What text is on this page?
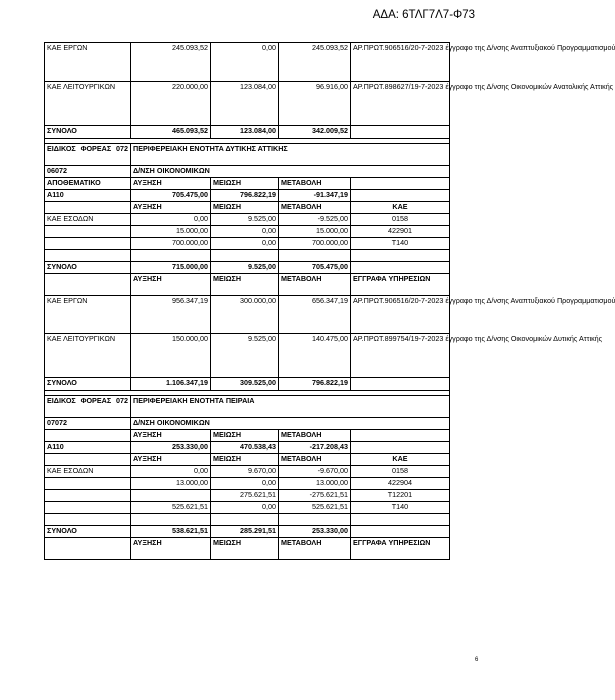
ΑΔΑ: 6ΤΛΓ7Λ7-Φ73
ΚΑΕ ΕΡΓΩΝ	245.093,52	0,00	245.093,52	ΑΡ.ΠΡΩΤ.906516/20-7-2023 έγγραφο της Δ/νσης Αναπτυξιακού Προγραμματισμού
ΚΑΕ ΛΕΙΤΟΥΡΓΙΚΩΝ	220.000,00	123.084,00	96.916,00	ΑΡ.ΠΡΩΤ.898627/19-7-2023 έγγραφο της Δ/νσης Οικονομικών Ανατολικής Αττικής
ΣΥΝΟΛΟ	465.093,52	123.084,00	342.009,52	

ΕΙΔΙΚΟΣ ΦΟΡΕΑΣ 072	ΠΕΡΙΦΕΡΕΙΑΚΗ ΕΝΟΤΗΤΑ ΔΥΤΙΚΗΣ ΑΤΤΙΚΗΣ			
06072	Δ/ΝΣΗ ΟΙΚΟΝΟΜΙΚΩΝ			
ΑΠΟΘΕΜΑΤΙΚΟ	ΑΥΞΗΣΗ	ΜΕΙΩΣΗ	ΜΕΤΑΒΟΛΗ	
Α110	705.475,00	796.822,19	-91.347,19	
	ΑΥΞΗΣΗ	ΜΕΙΩΣΗ	ΜΕΤΑΒΟΛΗ	ΚΑΕ
ΚΑΕ ΕΣΟΔΩΝ	0,00	9.525,00	-9.525,00	0158
	15.000,00	0,00	15.000,00	422901
	700.000,00	0,00	700.000,00	Τ140

ΣΥΝΟΛΟ	715.000,00	9.525,00	705.475,00	
	ΑΥΞΗΣΗ	ΜΕΙΩΣΗ	ΜΕΤΑΒΟΛΗ	ΕΓΓΡΑΦΑ ΥΠΗΡΕΣΙΩΝ
ΚΑΕ ΕΡΓΩΝ	956.347,19	300.000,00	656.347,19	ΑΡ.ΠΡΩΤ.906516/20-7-2023 έγγραφο της Δ/νσης Αναπτυξιακού Προγραμματισμού
ΚΑΕ ΛΕΙΤΟΥΡΓΙΚΩΝ	150.000,00	9.525,00	140.475,00	ΑΡ.ΠΡΩΤ.899754/19-7-2023 έγγραφο της Δ/νσης Οικονομικών Δυτικής Αττικής
ΣΥΝΟΛΟ	1.106.347,19	309.525,00	796.822,19	

ΕΙΔΙΚΟΣ ΦΟΡΕΑΣ 072	ΠΕΡΙΦΕΡΕΙΑΚΗ ΕΝΟΤΗΤΑ ΠΕΙΡΑΙΑ			
07072	Δ/ΝΣΗ ΟΙΚΟΝΟΜΙΚΩΝ			
	ΑΥΞΗΣΗ	ΜΕΙΩΣΗ	ΜΕΤΑΒΟΛΗ	
Α110	253.330,00	470.538,43	-217.208,43	
	ΑΥΞΗΣΗ	ΜΕΙΩΣΗ	ΜΕΤΑΒΟΛΗ	ΚΑΕ
ΚΑΕ ΕΣΟΔΩΝ	0,00	9.670,00	-9.670,00	0158
	13.000,00	0,00	13.000,00	422904
		275.621,51	-275.621,51	Τ12201
	525.621,51	0,00	525.621,51	Τ140

ΣΥΝΟΛΟ	538.621,51	285.291,51	253.330,00	
	ΑΥΞΗΣΗ	ΜΕΙΩΣΗ	ΜΕΤΑΒΟΛΗ	ΕΓΓΡΑΦΑ ΥΠΗΡΕΣΙΩΝ
6
